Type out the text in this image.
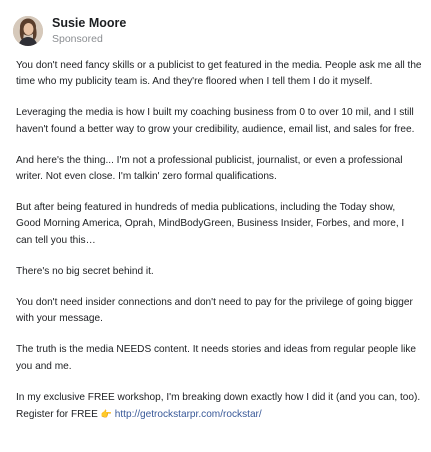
Susie Moore
Sponsored

You don't need fancy skills or a publicist to get featured in the media. People ask me all the time who my publicity team is. And they're floored when I tell them I do it myself.

Leveraging the media is how I built my coaching business from 0 to over 10 mil, and I still haven't found a better way to grow your credibility, audience, email list, and sales for free.

And here's the thing... I'm not a professional publicist, journalist, or even a professional writer. Not even close. I'm talkin' zero formal qualifications.

But after being featured in hundreds of media publications, including the Today show, Good Morning America, Oprah, MindBodyGreen, Business Insider, Forbes, and more, I can tell you this…

There's no big secret behind it.

You don't need insider connections and don't need to pay for the privilege of going bigger with your message.

The truth is the media NEEDS content. It needs stories and ideas from regular people like you and me.

In my exclusive FREE workshop, I'm breaking down exactly how I did it (and you can, too). Register for FREE 👉 http://getrockstarpr.com/rockstar/
